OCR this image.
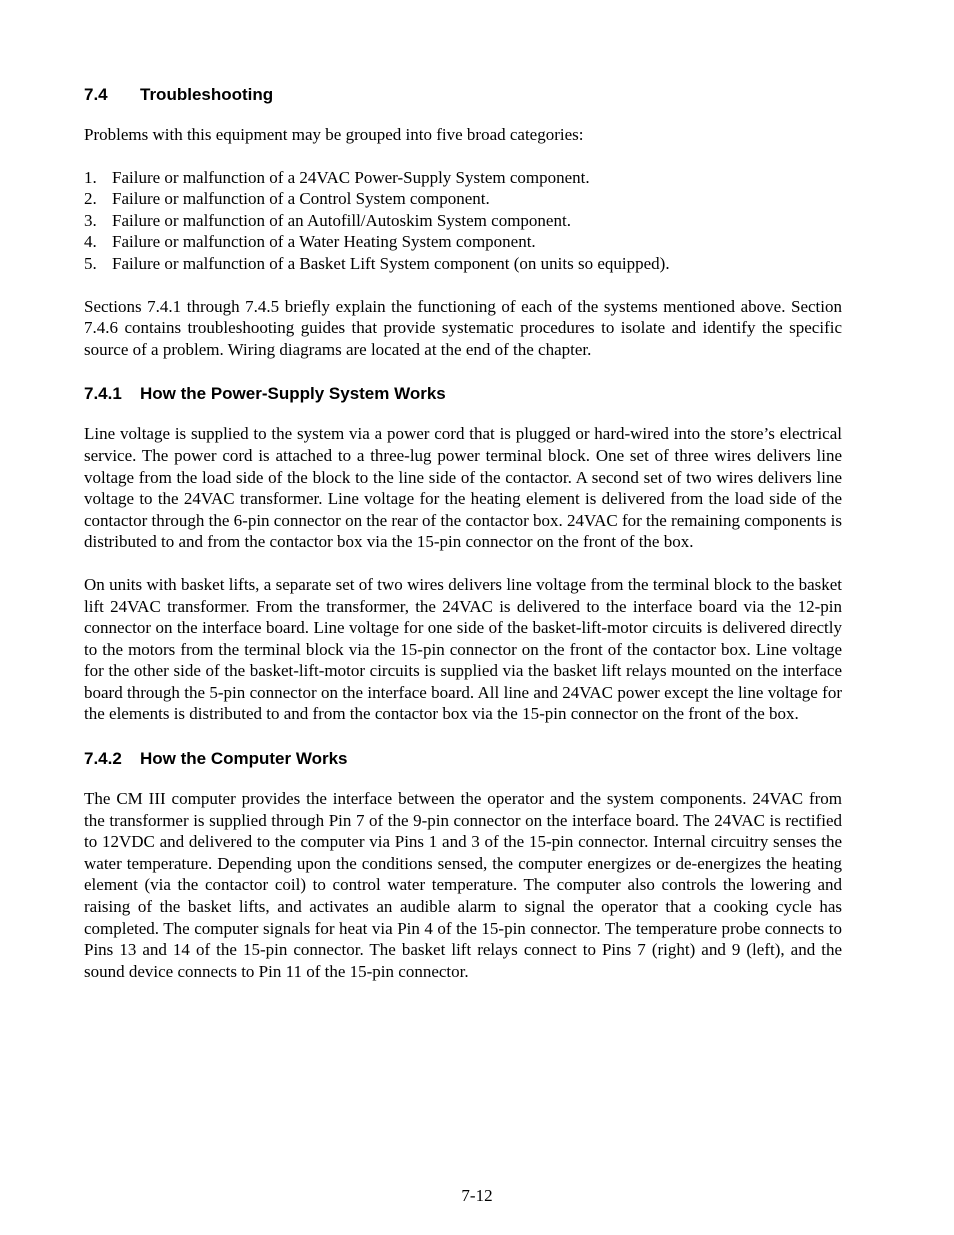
7.4 Troubleshooting
Problems with this equipment may be grouped into five broad categories:
1. Failure or malfunction of a 24VAC Power-Supply System component.
2. Failure or malfunction of a Control System component.
3. Failure or malfunction of an Autofill/Autoskim System component.
4. Failure or malfunction of a Water Heating System component.
5. Failure or malfunction of a Basket Lift System component (on units so equipped).
Sections 7.4.1 through 7.4.5 briefly explain the functioning of each of the systems mentioned above. Section 7.4.6 contains troubleshooting guides that provide systematic procedures to isolate and identify the specific source of a problem. Wiring diagrams are located at the end of the chapter.
7.4.1 How the Power-Supply System Works
Line voltage is supplied to the system via a power cord that is plugged or hard-wired into the store’s electrical service. The power cord is attached to a three-lug power terminal block. One set of three wires delivers line voltage from the load side of the block to the line side of the contactor. A second set of two wires delivers line voltage to the 24VAC transformer. Line voltage for the heating element is delivered from the load side of the contactor through the 6-pin connector on the rear of the contactor box. 24VAC for the remaining components is distributed to and from the contactor box via the 15-pin connector on the front of the box.
On units with basket lifts, a separate set of two wires delivers line voltage from the terminal block to the basket lift 24VAC transformer. From the transformer, the 24VAC is delivered to the interface board via the 12-pin connector on the interface board. Line voltage for one side of the basket-lift-motor circuits is delivered directly to the motors from the terminal block via the 15-pin connector on the front of the contactor box. Line voltage for the other side of the basket-lift-motor circuits is supplied via the basket lift relays mounted on the interface board through the 5-pin connector on the interface board. All line and 24VAC power except the line voltage for the elements is distributed to and from the contactor box via the 15-pin connector on the front of the box.
7.4.2 How the Computer Works
The CM III computer provides the interface between the operator and the system components. 24VAC from the transformer is supplied through Pin 7 of the 9-pin connector on the interface board. The 24VAC is rectified to 12VDC and delivered to the computer via Pins 1 and 3 of the 15-pin connector. Internal circuitry senses the water temperature. Depending upon the conditions sensed, the computer energizes or de-energizes the heating element (via the contactor coil) to control water temperature. The computer also controls the lowering and raising of the basket lifts, and activates an audible alarm to signal the operator that a cooking cycle has completed. The computer signals for heat via Pin 4 of the 15-pin connector. The temperature probe connects to Pins 13 and 14 of the 15-pin connector. The basket lift relays connect to Pins 7 (right) and 9 (left), and the sound device connects to Pin 11 of the 15-pin connector.
7-12
